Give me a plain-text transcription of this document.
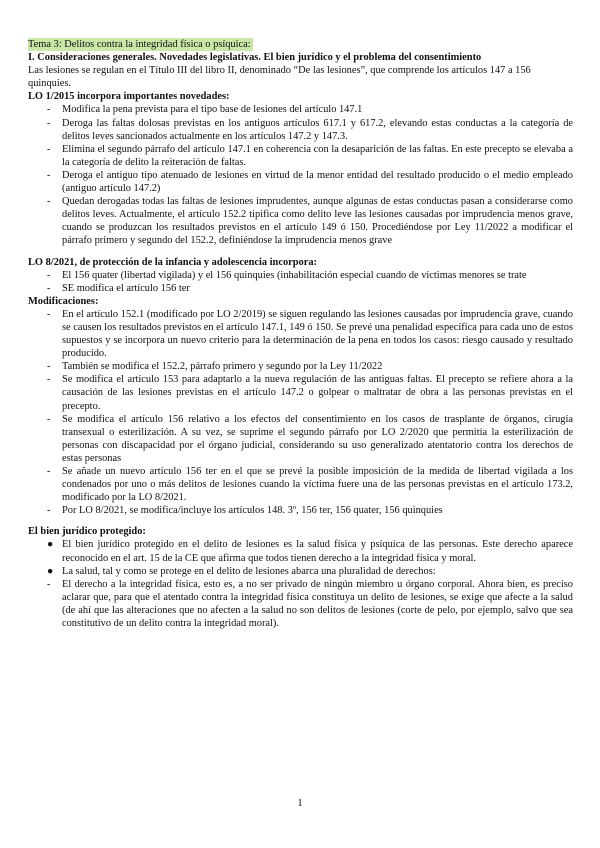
Tema 3: Delitos contra la integridad física o psíquica:

I. Consideraciones generales. Novedades legislativas. El bien jurídico y el problema del consentimiento

Las lesiones se regulan en el Título III del libro II, denominado “De las lesiones”, que comprende los artículos 147 a 156 quinquies.

LO 1/2015 incorpora importantes novedades:

-	Modifica la pena prevista para el tipo base de lesiones del artículo 147.1
-	Deroga las faltas dolosas previstas en los antiguos artículos 617.1 y 617.2, elevando estas conductas a la categoría de delitos leves sancionados actualmente en los artículos 147.2 y 147.3.
-	Elimina el segundo párrafo del artículo 147.1 en coherencia con la desaparición de las faltas. En este precepto se elevaba a la categoría de delito la reiteración de faltas.
-	Deroga el antiguo tipo atenuado de lesiones en virtud de la menor entidad del resultado producido o el medio empleado (antiguo artículo 147.2)
-	Quedan derogadas todas las faltas de lesiones imprudentes, aunque algunas de estas conductas pasan a considerarse como delitos leves. Actualmente, el artículo 152.2 tipifica como delito leve las lesiones causadas por imprudencia menos grave, cuando se produzcan los resultados previstos en el artículo 149 ó 150. Procediéndose por Ley 11/2022 a modificar el párrafo primero y segundo del 152.2, definiéndose la imprudencia menos grave

LO 8/2021, de protección de la infancia y adolescencia incorpora:

-	El 156 quater (libertad vigilada) y el 156 quinquies (inhabilitación especial cuando de víctimas menores se trate
-	SE modifica el artículo 156 ter

Modificaciones:

-	En el artículo 152.1 (modificado por LO 2/2019) se siguen regulando las lesiones causadas por imprudencia grave, cuando se causen los resultados previstos en el artículo 147.1, 149 ó 150. Se prevé una penalidad específica para cada uno de estos supuestos y se incorpora un nuevo criterio para la determinación de la pena en todos los casos: riesgo causado y resultado producido.
-	También se modifica el 152.2, párrafo primero y segundo por la Ley 11/2022
-	Se modifica el artículo 153 para adaptarlo a la nueva regulación de las antiguas faltas. El precepto se refiere ahora a la causación de las lesiones previstas en el artículo 147.2 o golpear o maltratar de obra a las personas previstas en el precepto.
-	Se modifica el artículo 156 relativo a los efectos del consentimiento en los casos de trasplante de órganos, cirugía transexual o esterilización. A su vez, se suprime el segundo párrafo por LO 2/2020 que permitía la esterilización de personas con discapacidad por el órgano judicial, considerando su uso generalizado atentatorio contra los derechos de estas personas
-	Se añade un nuevo artículo 156 ter en el que se prevé la posible imposición de la medida de libertad vigilada a los condenados por uno o más delitos de lesiones cuando la víctima fuere una de las personas previstas en el artículo 173.2, modificado por la LO 8/2021.
-	Por LO 8/2021, se modifica/incluye los artículos 148. 3º, 156 ter, 156 quater, 156 quinquies

El bien jurídico protegido:

● El bien jurídico protegido en el delito de lesiones es la salud física y psíquica de las personas. Este derecho aparece reconocido en el art. 15 de la CE que afirma que todos tienen derecho a la integridad física y moral.
● La salud, tal y como se protege en el delito de lesiones abarca una pluralidad de derechos:
-	El derecho a la integridad física, esto es, a no ser privado de ningún miembro u órgano corporal. Ahora bien, es preciso aclarar que, para que el atentado contra la integridad física constituya un delito de lesiones, se exige que afecte a la salud (de ahí que las alteraciones que no afecten a la salud no son delitos de lesiones (corte de pelo, por ejemplo, salvo que sea constitutivo de un delito contra la integridad moral).
1
